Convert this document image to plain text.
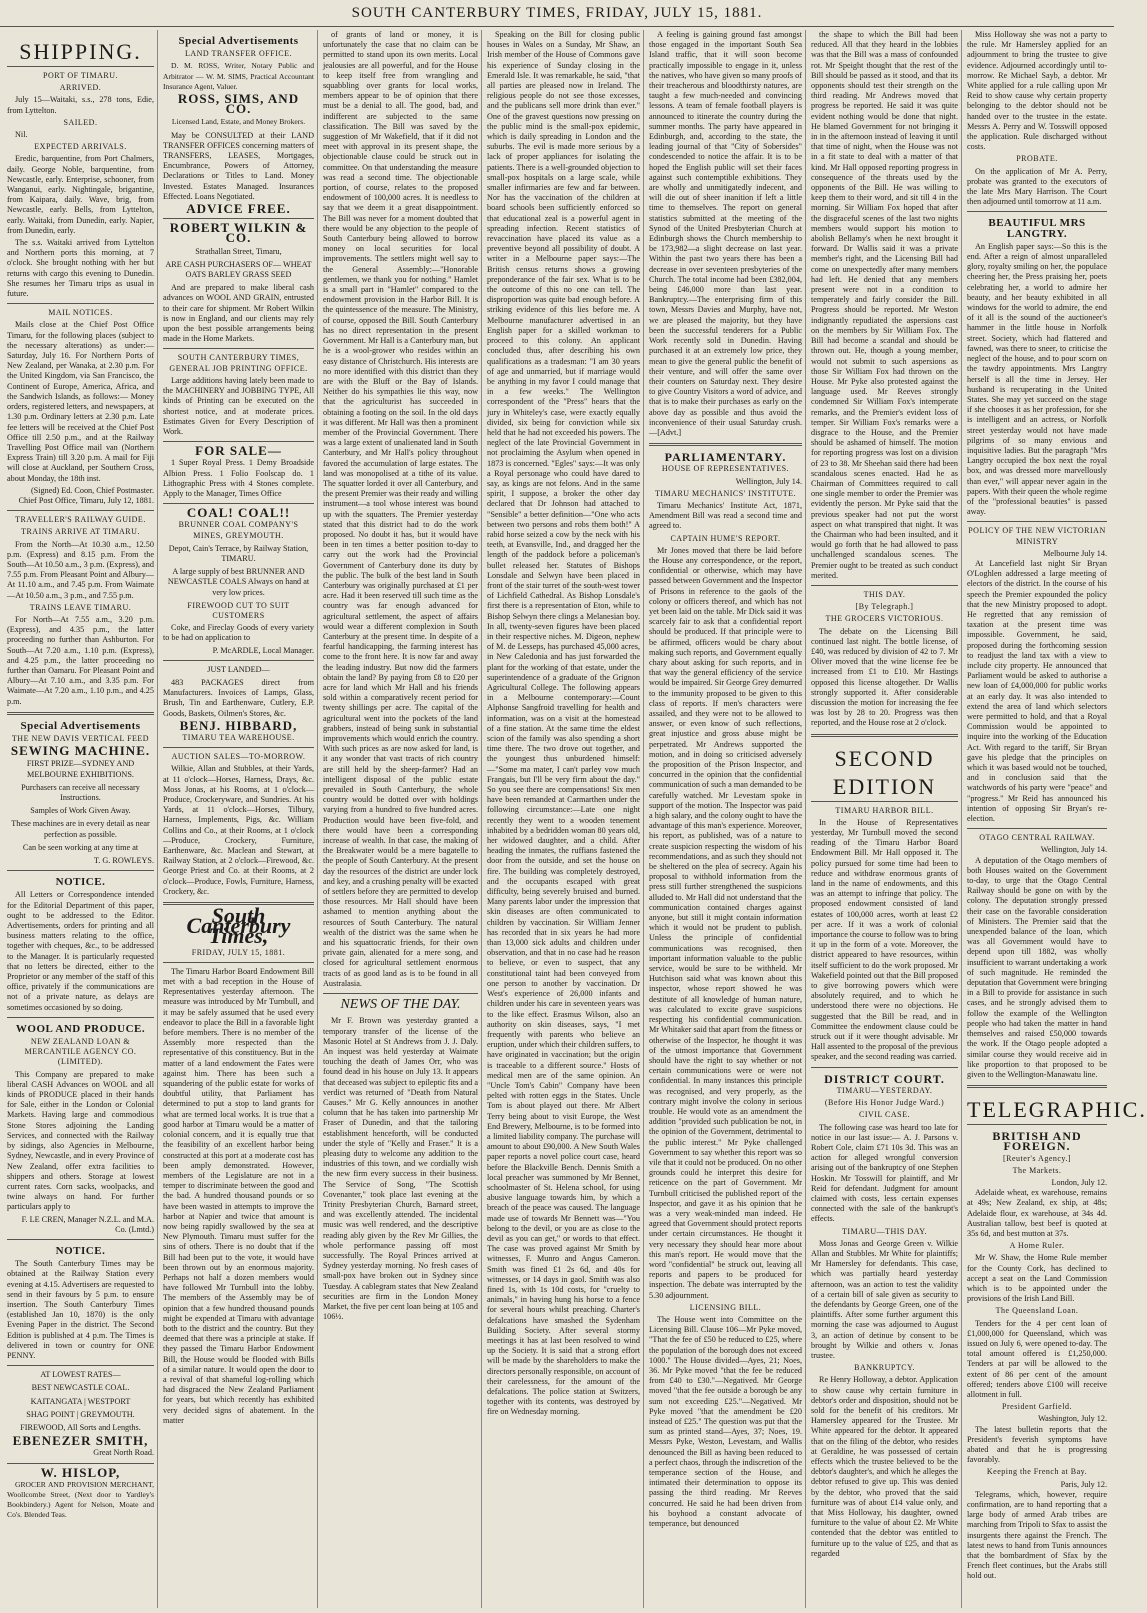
SOUTH CANTERBURY TIMES, FRIDAY, JULY 15, 1881.
SHIPPING.
PORT OF TIMARU.
ARRIVED.

July 15—Waitaki, s.s., 278 tons, Edie, from Lyttelton.

SAILED.

Nil.

EXPECTED ARRIVALS.

Eredic, barquentine, from Port Chalmers, daily. George Noble, barquentine, from Newcastle, early. Enterprise, schooner, from Wanganui, early. Nightingale, brigantine, from Kaipara, daily. Wave, brig, from Newcastle, early. Bells, from Lyttelton, early. Waitaki, from Dunedin, early. Napier, from Dunedin, early.

The s.s. Waitaki arrived from Lyttelton and Northern ports this morning, at 7 o'clock. She brought nothing with her but returns with cargo this evening to Dunedin. She resumes her Timaru trips as usual in future.

MAIL NOTICES.

Mails close at the Chief Post Office Timaru, for the following places (subject to the necessary alterations) as under:— Saturday, July 16. For Northern Ports of New Zealand, per Wanaka, at 2.30 p.m. For the United Kingdom, via San Francisco, the Continent of Europe, America, Africa, and the Sandwich Islands, as follows:— Money orders, registered letters, and newspapers, at 1.30 p.m. Ordinary letters at 2.30 p.m. Late fee letters will be received at the Chief Post Office till 2.50 p.m., and at the Railway Travelling Post Office mail van (Northern Express Train) till 3.20 p.m. A mail for Fiji will close at Auckland, per Southern Cross, about Monday, the 18th inst.

(Signed) Ed. Coon, Chief Postmaster. Chief Post Office, Timaru, July 12, 1881.

TRAVELLER'S RAILWAY GUIDE.
TRAINS ARRIVE AT TIMARU.

From the North—At 10.30 a.m., 12.50 p.m. (Express) and 8.15 p.m. From the South—At 10.50 a.m., 3 p.m. (Express), and 7.55 p.m. From Pleasant Point and Albury—At 11.10 a.m., and 7.45 p.m. From Waimate—At 10.50 a.m., 3 p.m., and 7.55 p.m.

TRAINS LEAVE TIMARU.

For North—At 7.55 a.m., 3.20 p.m. (Express), and 4.35 p.m., the latter proceeding no further than Ashburton. For South—At 7.20 a.m., 1.10 p.m. (Express), and 4.25 p.m., the latter proceeding no further than Oamaru. For Pleasant Point and Albury—At 7.10 a.m., and 3.35 p.m. For Waimate—At 7.20 a.m., 1.10 p.m., and 4.25 p.m.

Special Advertisements
THE NEW DAVIS VERTICAL FEED
SEWING MACHINE.
FIRST PRIZE—SYDNEY AND MELBOURNE EXHIBITIONS.
Purchasers can receive all necessary Instructions.
Samples of Work Given Away.
These machines are in every detail as near perfection as possible.
Can be seen working at any time at
T. G. ROWLEYS.
NOTICE.

All Letters or Correspondence intended for the Editorial Department of this paper, ought to be addressed to the Editor. Advertisements, orders for printing and all business matters relating to the office, together with cheques, &c., to be addressed to the Manager. It is particularly requested that no letters be directed, either to the Proprietor or any member of the staff of this office, privately if the communications are not of a private nature, as delays are sometimes occasioned by so doing.

WOOL AND PRODUCE.
NEW ZEALAND LOAN & MERCANTILE AGENCY CO. (LIMITED).

This Company are prepared to make liberal CASH Advances on WOOL and all kinds of PRODUCE placed in their hands for Sale, either in the London or Colonial Markets. Having large and commodious Stone Stores adjoining the Landing Services, and connected with the Railway by sidings, also Agencies in Melbourne, Sydney, Newcastle, and in every Province of New Zealand, offer extra facilities to shippers and others. Storage at lowest current rates. Corn sacks, woolpacks, and twine always on hand. For further particulars apply to

F. LE CREN, Manager N.Z.L. and M.A. Co. (Lmtd.)

NOTICE.

The South Canterbury Times may be obtained at the Railway Station every evening at 4.15. Advertisers are requested to send in their favours by 5 p.m. to ensure insertion. The South Canterbury Times (established Jan 10, 1870) is the only Evening Paper in the district. The Second Edition is published at 4 p.m. The Times is delivered in town or country for ONE PENNY.

AT LOWEST RATES—
BEST NEWCASTLE COAL.
KAITANGATA | WESTPORT
SHAG POINT | GREYMOUTH.
FIREWOOD, All Sorts and Lengths.
EBENEZER SMITH,
Great North Road.
W. HISLOP,

GROCER AND PROVISION MERCHANT, Woollcombe Street, (Next door to Yardley's Bookbindery.) Agent for Nelson, Moate and Co's. Blended Teas.

Special Advertisements
LAND TRANSFER OFFICE.

D. M. ROSS, Writer, Notary Public and Arbitrator — W. M. SIMS, Practical Accountant Insurance Agent, Valuer.

ROSS, SIMS, AND CO.
Licensed Land, Estate, and Money Brokers.

May be CONSULTED at their LAND TRANSFER OFFICES concerning matters of TRANSFERS, LEASES, Mortgages, Encumbrance, Powers of Attorney, Declarations or Titles to Land. Money Invested. Estates Managed. Insurances Effected. Loans Negotiated.

ADVICE FREE.
ROBERT WILKIN & CO.
Strathallan Street, Timaru,
ARE CASH PURCHASERS OF— WHEAT OATS BARLEY GRASS SEED

And are prepared to make liberal cash advances on WOOL AND GRAIN, entrusted to their care for shipment. Mr Robert Wilkin is now in England, and our clients may rely upon the best possible arrangements being made in the Home Markets.

SOUTH CANTERBURY TIMES, GENERAL JOB PRINTING OFFICE.

Large additions having lately been made to the MACHINERY and JOBBING TYPE, All kinds of Printing can be executed on the shortest notice, and at moderate prices. Estimates Given for Every Description of Work.

FOR SALE—

1 Super Royal Press. 1 Demy Broadside Albion Press. 1 Folio Foolscap do. 1 Lithographic Press with 4 Stones complete. Apply to the Manager, Times Office

COAL! COAL!!
BRUNNER COAL COMPANY'S MINES, GREYMOUTH.
Depot, Cain's Terrace, by Railway Station, TIMARU.
A large supply of best BRUNNER AND NEWCASTLE COALS Always on hand at very low prices.
FIREWOOD CUT TO SUIT CUSTOMERS

Coke, and Fireclay Goods of every variety to be had on application to

P. McARDLE, Local Manager.
JUST LANDED—

483 PACKAGES direct from Manufacturers. Invoices of Lamps, Glass, Brush, Tin and Earthenware, Cutlery, E.P. Goods, Baskets, Oilmen's Stores, &c.

BENJ. HIBBARD,
TIMARU TEA WAREHOUSE.
AUCTION SALES—TO-MORROW.

Wilkie, Allan and Stubbles, at their Yards, at 11 o'clock—Horses, Harness, Drays, &c. Moss Jonas, at his Rooms, at 1 o'clock—Produce, Crockeryware, and Sundries. At his Yards, at 11 o'clock—Horses, Tilbury, Harness, Implements, Pigs, &c. William Collins and Co., at their Rooms, at 1 o'clock—Produce, Crockery, Furniture, Earthenware, &c. Maclean and Stewart, at Railway Station, at 2 o'clock—Firewood, &c. George Priest and Co. at their Rooms, at 2 o'clock—Produce, Fowls, Furniture, Harness, Crockery, &c.

South Canterbury Times,
FRIDAY, JULY 15, 1881.

The Timaru Harbor Board Endowment Bill met with a bad reception in the House of Representatives yesterday afternoon. The measure was introduced by Mr Turnbull, and it may be safely assumed that he used every endeavor to place the Bill in a favorable light before members. There is no member of the Assembly more respected than the representative of this constituency. But in the matter of a land endowment the Fates were against him. There has been such a squandering of the public estate for works of doubtful utility, that Parliament has determined to put a stop to land grants for what are termed local works. It is true that a good harbor at Timaru would be a matter of colonial concern, and it is equally true that the feasibility of an excellent harbor being constructed at this port at a moderate cost has been amply demonstrated. However, members of the Legislature are not in a temper to discriminate between the good and the bad. A hundred thousand pounds or so have been wasted in attempts to improve the harbor at Napier and twice that amount is now being rapidly swallowed by the sea at New Plymouth. Timaru must suffer for the sins of others. There is no doubt that if the Bill had been put to the vote, it would have been thrown out by an enormous majority. Perhaps not half a dozen members would have followed Mr Turnbull into the lobby. The members of the Assembly may be of opinion that a few hundred thousand pounds might be expended at Timaru with advantage both to the district and the country. But they deemed that there was a principle at stake. If they passed the Timaru Harbor Endowment Bill, the House would be flooded with Bills of a similar nature. It would open the door to a revival of that shameful log-rolling which had disgraced the New Zealand Parliament for years, but which recently has exhibited very decided signs of abatement. In the matter

of grants of land or money, it is unfortunately the case that no claim can be permitted to stand upon its own merits. Local jealousies are all powerful, and for the House to keep itself free from wrangling and squabbling over grants for local works, members appear to be of opinion that there must be a denial to all. The good, bad, and indifferent are subjected to the same classification. The Bill was saved by the suggestion of Mr Wakefield, that if it did not meet with approval in its present shape, the objectionable clause could be struck out in committee. On that understanding the measure was read a second time. The objectionable portion, of course, relates to the proposed endowment of 100,000 acres. It is needless to say that we deem it a great disappointment. The Bill was never for a moment doubted that there would be any objection to the people of South Canterbury being allowed to borrow money on local securities for local improvements. The settlers might well say to the General Assembly:—"Honorable gentlemen, we thank you for nothing." Hamlet is a small part in "Hamlet" compared to the endowment provision in the Harbor Bill. It is the quintessence of the measure. The Ministry, of course, opposed the Bill. South Canterbury has no direct representation in the present Government. Mr Hall is a Canterbury man, but he is a wool-grower who resides within an easy distance of Christchurch. His interests are no more identified with this district than they are with the Bluff or the Bay of Islands. Neither do his sympathies lie this way, now that the agriculturist has succeeded in obtaining a footing on the soil. In the old days it was different. Mr Hall was then a prominent member of the Provincial Government. There was a large extent of unalienated land in South Canterbury, and Mr Hall's policy throughout favored the accumulation of large estates. The land was monopolised at a tithe of its value. The squatter lorded it over all Canterbury, and the present Premier was their ready and willing instrument—a tool whose interest was bound up with the squatters. The Premier yesterday stated that this district had to do the work proposed. No doubt it has, but it would have been in ten times a better position to-day to carry out the work had the Provincial Government of Canterbury done its duty by the public. The bulk of the best land in South Canterbury was originally purchased at £1 per acre. Had it been reserved till such time as the country was far enough advanced for agricultural settlement, the aspect of affairs would wear a different complexion in South Canterbury at the present time. In despite of a fearful handicapping, the farming interest has come to the front here. It is now far and away the leading industry. But now did the farmers obtain the land? By paying from £8 to £20 per acre for land which Mr Hall and his friends sold within a comparatively recent period for twenty shillings per acre. The capital of the agricultural went into the pockets of the land grabbers, instead of being sunk in substantial improvements which would enrich the country. With such prices as are now asked for land, is it any wonder that vast tracts of rich country are still held by the sheep-farmer? Had an intelligent disposal of the public estate prevailed in South Canterbury, the whole country would be dotted over with holdings varying from a hundred to five hundred acres. Production would have been five-fold, and there would have been a corresponding increase of wealth. In that case, the making of the Breakwater would be a mere bagatelle to the people of South Canterbury. At the present day the resources of the district are under lock and key, and a crushing penalty will be exacted of settlers before they are permitted to develop those resources. Mr Hall should have been ashamed to mention anything about the resources of South Canterbury. The natural wealth of the district was the same when he and his squattocratic friends, for their own private gain, alienated for a mere song, and closed for agricultural settlement enormous tracts of as good land as is to be found in all Australasia.

NEWS OF THE DAY.

Mr F. Brown was yesterday granted a temporary transfer of the license of the Masonic Hotel at St Andrews from J. J. Daly. An inquest was held yesterday at Waimate touching the death of James Orr, who was found dead in his house on July 13. It appears that deceased was subject to epileptic fits and a verdict was returned of "Death from Natural Causes." Mr G. Kelly announces in another column that he has taken into partnership Mr Fraser of Dunedin, and that the tailoring establishment henceforth, will be conducted under the style of "Kelly and Fraser." It is a pleasing duty to welcome any addition to the industries of this town, and we cordially wish the new firm every success in their business. The Service of Song, "The Scottish Covenanter," took place last evening at the Trinity Presbyterian Church, Barnard street, and was excellently attended. The incidental music was well rendered, and the descriptive reading ably given by the Rev Mr Gillies, the whole performance passing off most successfully. The Royal Princes arrived at Sydney yesterday morning. No fresh cases of small-pox have broken out in Sydney since Tuesday. A cablegram states that New Zealand securities are firm in the London Money Market, the five per cent loan being at 105 and 106½.

Speaking on the Bill for closing public houses in Wales on a Sunday, Mr Shaw, an Irish member of the House of Commons gave his experience of Sunday closing in the Emerald Isle. It was remarkable, he said, "that all parties are pleased now in Ireland. The religious people do not see those excesses, and the publicans sell more drink than ever." One of the gravest questions now pressing on the public mind is the small-pox epidemic, which is daily spreading in London and the suburbs. The evil is made more serious by a lack of proper appliances for isolating the patients. There is a well-grounded objection to small-pox hospitals on a large scale, while smaller infirmaries are few and far between. Nor has the vaccination of the children at board schools been sufficiently enforced so that educational zeal is a powerful agent in spreading infection. Recent statistics of revaccination have placed its value as a preventive beyond all possibility of doubt. A writer in a Melbourne paper says:—The British census returns shows a growing preponderance of the fair sex. What is to be the outcome of this no one can tell. The disproportion was quite bad enough before. A striking evidence of this lies before me. A Melbourne manufacturer advertised in an English paper for a skilled workman to proceed to this colony. An applicant concluded thus, after describing his own qualifications as a tradesman: "I am 30 years of age and unmarried, but if marriage would be anything in my favor I could manage that in a few weeks." The Wellington correspondent of the "Press" hears that the jury in Whiteley's case, were exactly equally divided, six being for conviction while six held that he had not exceeded his powers. The neglect of the late Provincial Government in not proclaiming the Asylum when opened in 1873 is concerned. "Egles" says:—It was only a Royal personage who could have dared to say, as kings are not felons. And in the same spirit, I suppose, a broker the other day declared that Dr Johnson had attached to "Sensible" a better definition—"One who acts between two persons and robs them both!" A rabid horse seized a cow by the neck with his teeth, at Evansville, Ind., and dragged her the length of the paddock before a policeman's bullet released her. Statutes of Bishops Lonsdale and Selwyn have been placed in front of the stair turret of the south-west tower of Lichfield Cathedral. As Bishop Lonsdale's first there is a representation of Eton, while to Bishop Selwyn there clings a Melanesian boy. In all, twenty-seven figures have been placed in their respective niches. M. Digeon, nephew of M. de Lesseps, has purchased 45,000 acres, in New Caledonia and has just forwarded the plant for the working of that estate, under the superintendence of a graduate of the Grignon Agricultural College. The following appears in a Melbourne contemporary:—Count Alphonse Sangfroid travelling for health and information, was on a visit at the homestead of a fine station. At the same time the eldest scion of the family was also spending a short time there. The two drove out together, and the youngest thus unburdened himself:—"Some ma mater, I can't parley vow much Frangais, but I'll be very firm about the day." So you see there are compensations! Six men have been remanded at Carmarthen under the following circumstance:—Late one night recently they went to a wooden tenement inhabited by a bedridden woman 80 years old, her widowed daughter, and a child. After heading the inmates, the ruffians fastened the door from the outside, and set the house on fire. The building was completely destroyed, and the occupants escaped with great difficulty, being severely bruised and burned. Many parents labor under the impression that skin diseases are often communicated to children by vaccination. Sir William Jenner has recorded that in six years he had more than 13,000 sick adults and children under observation, and that in no case had he reason to believe, or even to suspect, that any constitutional taint had been conveyed from one person to another by vaccination. Dr West's experience of 26,000 infants and children under his care in seventeen years was to the like effect. Erasmus Wilson, also an authority on skin diseases, says, "I met frequently with parents who believe an eruption, under which their children suffers, to have originated in vaccination; but the origin is traceable to a different source." Hosts of medical men are of the same opinion. An "Uncle Tom's Cabin" Company have been pelted with rotten eggs in the States. Uncle Tom is about played out there. Mr Albert Terry being about to visit Europe, the West End Brewery, Melbourne, is to be formed into a limited liability company. The purchase will amount to about £90,000. A New South Wales paper reports a novel police court case, heard before the Blackville Bench. Dennis Smith a local preacher was summoned by Mr Bennet, schoolmaster of St. Helena school, for using abusive language towards him, by which a breach of the peace was caused. The language made use of towards Mr Bennett was—"You belong to the devil, or you are as close to the devil as you can get," or words to that effect. The case was proved against Mr Smith by witnesses, F. Munro and Angus Cameron. Smith was fined £1 2s 6d, and 40s for witnesses, or 14 days in gaol. Smith was also fined 1s, with 1s 10d costs, for "cruelty to animals," in having hung his horse to a fence for several hours whilst preaching. Charter's defalcations have smashed the Sydenham Building Society. After several stormy meetings it has at last been resolved to wind up the Society. It is said that a strong effort will be made by the shareholders to make the directors personally responsible, on account of their carelessness, for the amount of the defalcations. The police station at Switzers, together with its contents, was destroyed by fire on Wednesday morning.

A feeling is gaining ground fast amongst those engaged in the important South Sea Island traffic, that it will soon become practically impossible to engage in it, unless the natives, who have given so many proofs of their treacherous and bloodthirsty natures, are taught a few much-needed and convincing lessons. A team of female football players is announced to itinerate the country during the summer months. The party have appeared in Edinburgh, and, according to the state, the leading journal of that "City of Sobersides" condescended to notice the affair. It is to be hoped the English public will set their faces against such contemptible exhibitions. They are wholly and unmitigatedly indecent, and will die out of sheer inanition if left a little time to themselves. The report on general statistics submitted at the meeting of the Synod of the United Presbyterian Church at Edinburgh shows the Church membership to be 173,982—a slight decrease on last year. Within the past two years there has been a decrease in over seventeen presbyteries of the Church. The total income had been £382,004, being £46,000 more than last year. Bankruptcy.—The enterprising firm of this town, Messrs Davies and Murphy, have not, we are pleased the majority, but they have been the successful tenderers for a Public Work recently sold in Dunedin. Having purchased it at an extremely low price, they mean to give the general public the benefit of their venture, and will offer the same over their counters on Saturday next. They desire to give Country Visitors a word of advice, and that is to make their purchases as early on the above day as possible and thus avoid the inconvenience of their usual Saturday crush.—[Advt.]

PARLIAMENTARY.
HOUSE OF REPRESENTATIVES.
Wellington, July 14.
TIMARU MECHANICS' INSTITUTE.

Timaru Mechanics' Institute Act, 1871, Amendment Bill was read a second time and agreed to.

CAPTAIN HUME'S REPORT.

Mr Jones moved that there be laid before the House any correspondence, or the report, confidential or otherwise, which may have passed between Government and the Inspector of Prisons in reference to the gaols of the colony or officers thereof, and which has not yet been laid on the table. Mr Dick said it was scarcely fair to ask that a confidential report should be produced. If that principle were to be affirmed, officers would be chary about making such reports, and Government equally chary about asking for such reports, and in that way the general efficiency of the service would be impaired. Sir George Grey demurred to the immunity proposed to be given to this class of reports. If men's characters were assailed, and they were not to be allowed to answer, or even know of such reflections, great injustice and gross abuse might be perpetrated. Mr Andrews supported the motion, and in doing so criticised adversely the proposition of the Prison Inspector, and concurred in the opinion that the confidential communication of such a man demanded to be carefully watched. Mr Levestam spoke in support of the motion. The Inspector was paid a high salary, and the colony ought to have the advantage of this man's experience. Moreover, his report, as published, was of a nature to create suspicion respecting the wisdom of his recommendations, and as such they should not be sheltered on the plea of secrecy. Again his proposal to withhold information from the press still further strengthened the suspicions alluded to. Mr Hall did not understand that the communication contained charges against anyone, but still it might contain information which it would not be prudent to publish. Unless the principle of confidential communications was recognised, then important information valuable to the public service, would be sure to be withheld. Mr Hutchison said what was known about this inspector, whose report showed he was destitute of all knowledge of human nature, was calculated to excite grave suspicions respecting his confidential communication. Mr Whitaker said that apart from the fitness or otherwise of the Inspector, he thought it was of the utmost importance that Government should have the right to say whether or not certain communications were or were not confidential. In many instances this principle was recognised, and very properly, as the contrary might involve the colony in serious trouble. He would vote as an amendment the addition "provided such publication be not, in the opinion of the Government, detrimental to the public interest." Mr Pyke challenged Government to say whether this report was so vile that it could not be produced. On no other grounds could he interpret this desire for reticence on the part of Government. Mr Turnbull criticised the published report of the Inspector, and gave it as his opinion that he was a very weak-minded man indeed. He agreed that Government should protect reports under certain circumstances. He thought it very necessary they should hear more about this man's report. He would move that the word "confidential" be struck out, leaving all reports and papers to be produced for inspection. The debate was interrupted by the 5.30 adjournment.

LICENSING BILL.

The House went into Committee on the Licensing Bill. Clause 106—Mr Pyke moved, "That the fee of £50 be reduced to £25, where the population of the borough does not exceed 1000." The House divided—Ayes, 21; Noes, 36. Mr Pyke moved "that the fee be reduced from £40 to £30."—Negatived. Mr George moved "that the fee outside a borough be any sum not exceeding £25."—Negatived. Mr Pyke moved "that the amendment be £20 instead of £25." The question was put that the sum as printed stand—Ayes, 37; Noes, 19. Messrs Pyke, Weston, Levestam, and Wallis denounced the Bill as having been reduced to a perfect chaos, through the indiscretion of the temperance section of the House, and intimated their determination to oppose its passing the third reading. Mr Reeves concurred. He said he had been driven from his boyhood a constant advocate of temperance, but denounced

the shape to which the Bill had been reduced. All that they heard in the lobbies was that the Bill was a mass of confounded rot. Mr Speight thought that the rest of the Bill should be passed as it stood, and that its opponents should test their strength on the third reading. Mr Andrews moved that progress be reported. He said it was quite evident nothing would be done that night. He blamed Government for not bringing it in in the afternoon instead of leaving it until that time of night, when the House was not in a fit state to deal with a matter of that kind. Mr Hall opposed reporting progress in consequence of the threats used by the opponents of the Bill. He was willing to keep them to their word, and sit till 4 in the morning. Sir William Fox hoped that after the disgraceful scenes of the last two nights members would support his motion to abolish Bellamy's when he next brought it forward. Dr Wallis said it was a private member's right, and the Licensing Bill had come on unexpectedly after many members had left. He denied that any members present were not in a condition to temperately and fairly consider the Bill. Progress should be reported. Mr Weston indignantly repudiated the aspersions cast on the members by Sir William Fox. The Bill had become a scandal and should be thrown out. He, though a young member, would not submit to such aspersions as those Sir William Fox had thrown on the House. Mr Pyke also protested against the language used. Mr Reeves strongly condemned Sir William Fox's intemperate remarks, and the Premier's evident loss of temper. Sir William Fox's remarks were a disgrace to the House, and the Premier should be ashamed of himself. The motion for reporting progress was lost on a division of 23 to 38. Mr Sheehan said there had been scandalous scenes enacted. Had he as Chairman of Committees required to call one single member to order the Premier was evidently the person. Mr Pyke said that the previous speaker had not put the worst aspect on what transpired that night. It was the Chairman who had been insulted, and it would go forth that he had allowed to pass unchallenged scandalous scenes. The Premier ought to be treated as such conduct merited.

THIS DAY.
[By Telegraph.]
THE GROCERS VICTORIOUS.

The debate on the Licensing Bill continued last night. The bottle license, of £40, was reduced by division of 42 to 7. Mr Oliver moved that the wine license fee be increased from £1 to £10. Mr Hastings opposed this license altogether. Dr Wallis strongly supported it. After considerable discussion the motion for increasing the fee was lost by 28 to 20. Progress was then reported, and the House rose at 2 o'clock.

SECOND EDITION
TIMARU HARBOR BILL.

In the House of Representatives yesterday, Mr Turnbull moved the second reading of the Timaru Harbor Board Endowment Bill. Mr Hall opposed it. The policy pursued for some time had been to reduce and withdraw enormous grants of land in the name of endowments, and this was an attempt to infringe that policy. The proposed endowment consisted of land estates of 100,000 acres, worth at least £2 per acre. If it was a work of colonial importance the course to follow was to bring it up in the form of a vote. Moreover, the district appeared to have resources, within itself sufficient to do the work proposed. Mr Wakefield pointed out that the Bill proposed to give borrowing powers which were absolutely required, and to which he understood there were no objections. He suggested that the Bill be read, and in Committee the endowment clause could be struck out if it were thought advisable. Mr Hall assented to the proposal of the previous speaker, and the second reading was carried.

DISTRICT COURT.
TIMARU—YESTERDAY.
(Before His Honor Judge Ward.)
CIVIL CASE.

The following case was heard too late for notice in our last issue:— A. J. Parsons v. Robert Cole, claim £71 10s 3d. This was an action for alleged wrongful conversion arising out of the bankruptcy of one Stephen Hoskin. Mr Tosswill for plaintiff, and Mr Reid for defendant. Judgment for amount claimed with costs, less certain expenses connected with the sale of the bankrupt's effects.

TIMARU—THIS DAY.

Moss Jonas and George Green v. Wilkie Allan and Stubbles. Mr White for plaintiffs; Mr Hamersley for defendants. This case, which was partially heard yesterday afternoon, was an action to test the validity of a certain bill of sale given as security to the defendants by George Green, one of the plaintiffs. After some further argument this morning the case was adjourned to August 3, an action of detinue by consent to be brought by Wilkie and others v. Jonas trustee.

BANKRUPTCY.

Re Henry Holloway, a debtor. Application to show cause why certain furniture in debtor's order and disposition, should not be sold for the benefit of his creditors. Mr Hamersley appeared for the Trustee. Mr White appeared for the debtor. It appeared that on the filing of the debtor, who resides at Geraldine, he was possessed of certain effects which the trustee believed to be the debtor's daughter's, and which he alleges the debtor refused to give up. This was denied by the debtor, who proved that the said furniture was of about £14 value only, and that Miss Holloway, his daughter, owned furniture to the value of about £2. Mr White contended that the debtor was entitled to furniture up to the value of £25, and that as regarded

Miss Holloway she was not a party to the rule. Mr Hamersley applied for an adjournment to bring the trustee to give evidence. Adjourned accordingly until to-morrow. Re Michael Sayb, a debtor. Mr White applied for a rule calling upon Mr Reid to show cause why certain property belonging to the debtor should not be handed over to the trustee in the estate. Messrs A. Perry and W. Tosswill opposed the application. Rule discharged without costs.

PROBATE.

On the application of Mr A. Perry, probate was granted to the executors of the late Mrs Mary Harrison. The Court then adjourned until tomorrow at 11 a.m.

BEAUTIFUL MRS LANGTRY.

An English paper says:—So this is the end. After a reign of almost unparalleled glory, royalty smiling on her, the populace cheering her, the Press praising her, poets celebrating her, a world to admire her beauty, and her beauty exhibited in all windows for the world to admire, the end of it all is the sound of the auctioneer's hammer in the little house in Norfolk street. Society, which had flattered and fawned, was there to sneer, to criticise the neglect of the house, and to pour scorn on the tawdry appointments. Mrs Langtry herself is all the time in Jersey. Her husband is recuperating in the United States. She may yet succeed on the stage if she chooses it as her profession, for she is intelligent and an actress, or Norfolk street yesterday would not have made pilgrims of so many envious and inquisitive ladies. But the paragraph "Mrs Langtry occupied the box next the royal box, and was dressed more marvellously than ever," will appear never again in the papers. With their queen the whole regime of the "professional beauties" is passed away.

POLICY OF THE NEW VICTORIAN MINISTRY
Melbourne July 14.

At Lancefield last night Sir Bryan O'Loghlen addressed a large meeting of electors of the district. In the course of his speech the Premier expounded the policy that the new Ministry proposed to adopt. He regretted that any remission of taxation at the present time was impossible. Government, he said, proposed during the forthcoming session to readjust the land tax with a view to include city property. He announced that Parliament would be asked to authorise a new loan of £4,000,000 for public works at an early day. It was also intended to extend the area of land which selectors were permitted to hold, and that a Royal Commission would be appointed to inquire into the working of the Education Act. With regard to the tariff, Sir Bryan gave his pledge that the principles on which it was based would not be touched, and in conclusion said that the watchwords of his party were "peace" and "progress." Mr Reid has announced his intention of opposing Sir Bryan's re-election.

OTAGO CENTRAL RAILWAY.
Wellington, July 14.

A deputation of the Otago members of both Houses waited on the Government to-day, to urge that the Otago Central Railway should be gone on with by the colony. The deputation strongly pressed their case on the favorable consideration of Ministers. The Premier said that the unexpended balance of the loan, which was all Government would have to depend upon till 1882, was wholly insufficient to warrant undertaking a work of such magnitude. He reminded the deputation that Government were bringing in a Bill to provide for assistance in such cases, and he strongly advised them to follow the example of the Wellington people who had taken the matter in hand themselves and raised £50,000 towards the work. If the Otago people adopted a similar course they would receive aid in like proportion to that proposed to be given to the Wellington-Manawatu line.

TELEGRAPHIC.
BRITISH AND FOREIGN.
[Reuter's Agency.]
The Markets.
London, July 12.

Adelaide wheat, ex warehouse, remains at 49s; New Zealand, ex ship, at 48s; Adelaide flour, ex warehouse, at 34s 4d. Australian tallow, best beef is quoted at 35s 6d, and best mutton at 37s.

A Home Ruler.

Mr W. Shaw, the Home Rule member for the County Cork, has declined to accept a seat on the Land Commission which is to be appointed under the provisions of the Irish Land Bill.

The Queensland Loan.

Tenders for the 4 per cent loan of £1,000,000 for Queensland, which was issued on July 6, were opened to-day. The total amount offered is £1,250,000. Tenders at par will be allowed to the extent of 86 per cent of the amount offered; tenders above £100 will receive allotment in full.

President Garfield.
Washington, July 12.

The latest bulletin reports that the President's feverish symptoms have abated and that he is progressing favorably.

Keeping the French at Bay.
Paris, July 12.

Telegrams, which, however, require confirmation, are to hand reporting that a large body of armed Arab tribes are marching from Tripoli to Sfax to assist the insurgents there against the French. The latest news to hand from Tunis announces that the bombardment of Sfax by the French fleet continues, but the Arabs still hold out.
